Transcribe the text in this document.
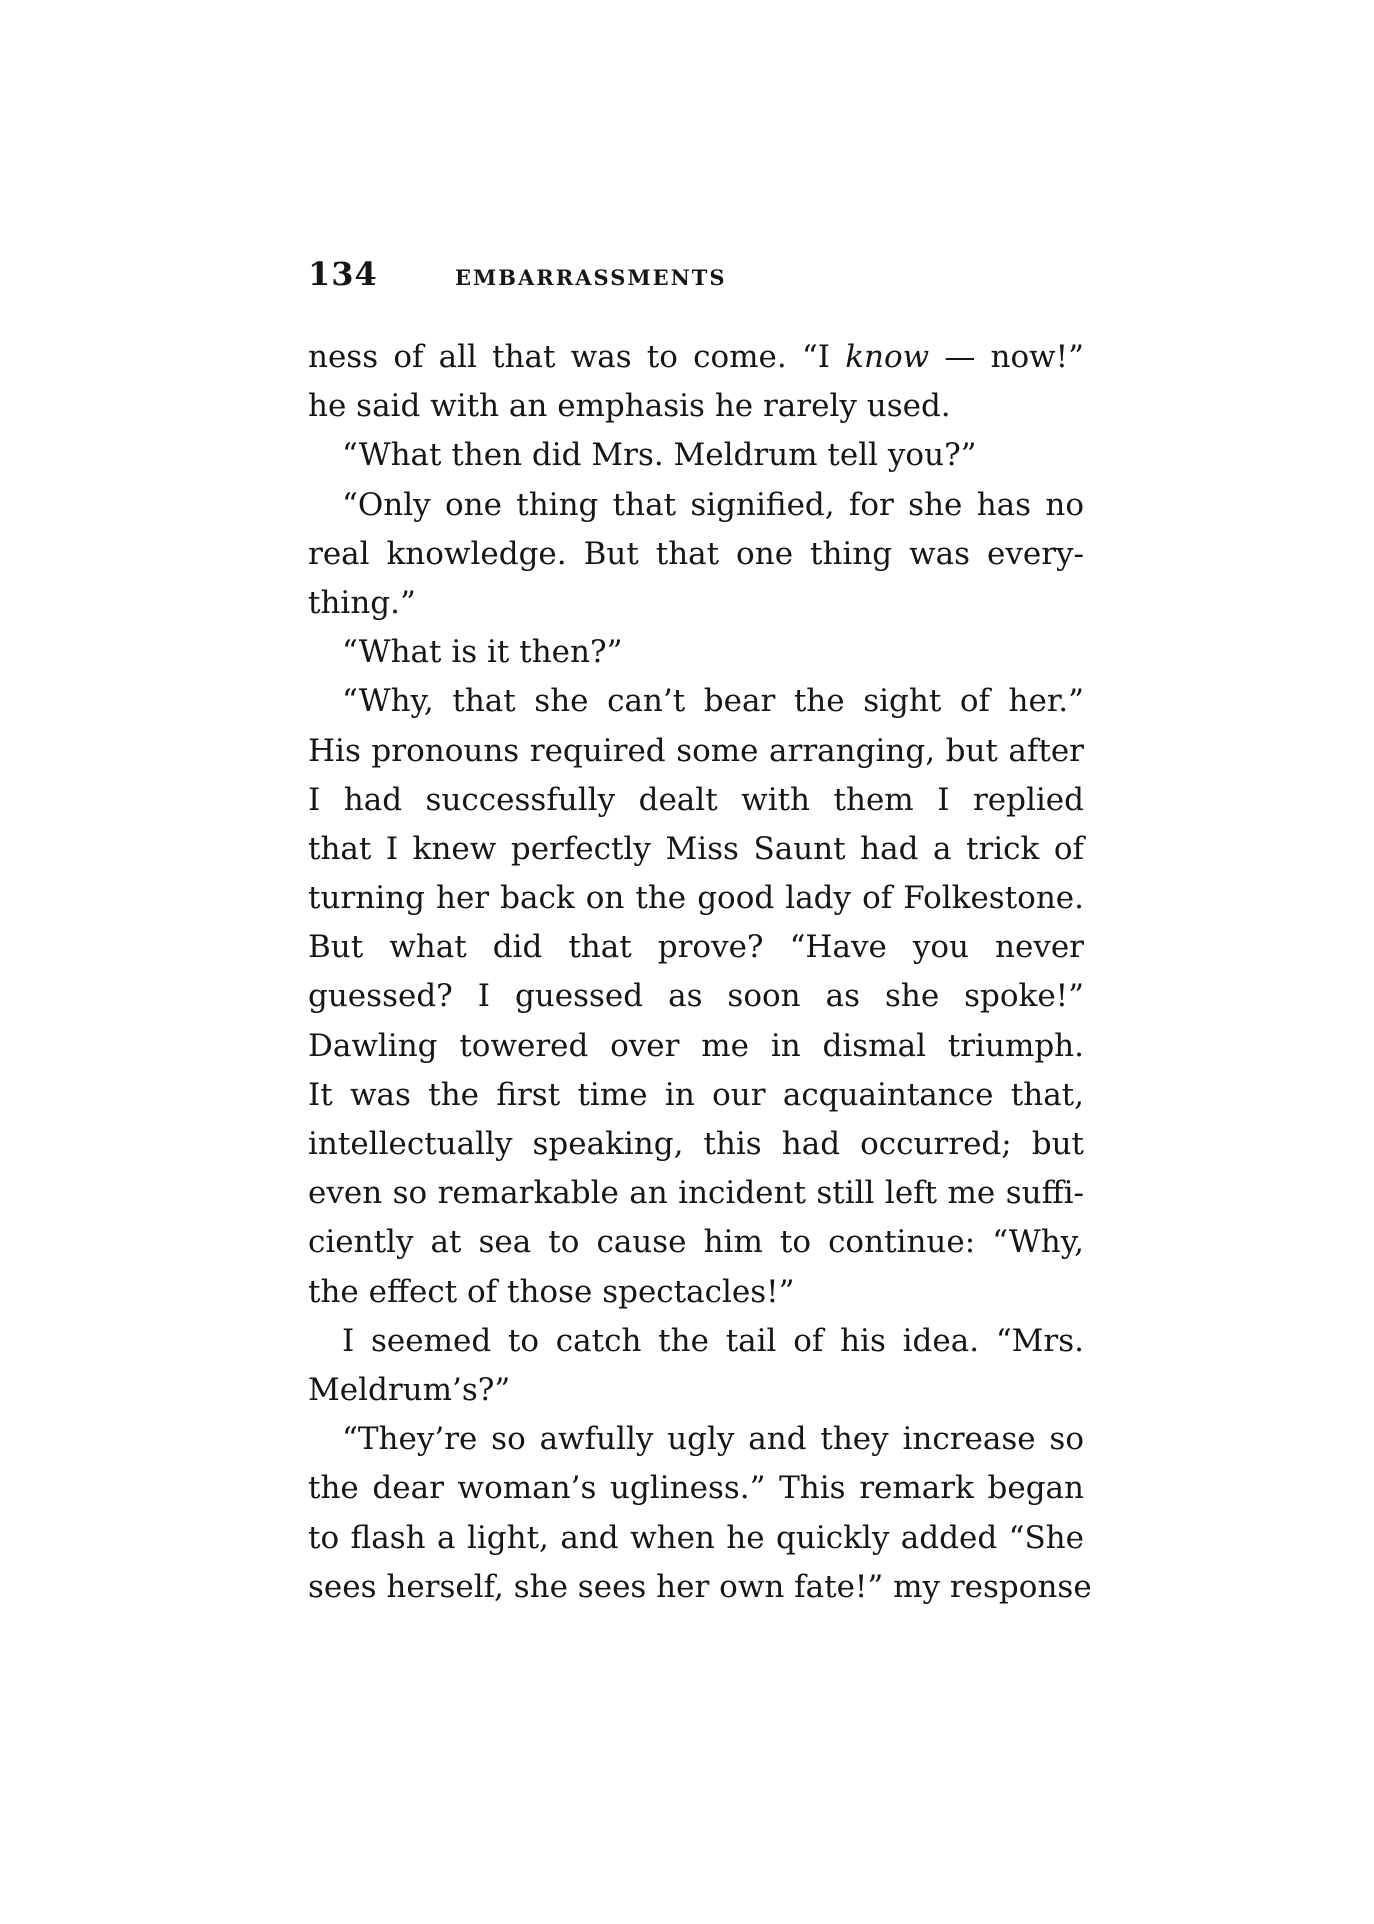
134	EMBARRASSMENTS
ness of all that was to come. “I know — now!”
he said with an emphasis he rarely used.
“What then did Mrs. Meldrum tell you?”
“Only one thing that signified, for she has no
real knowledge. But that one thing was every-
thing.”
“What is it then?”
“Why, that she can’t bear the sight of her.”
His pronouns required some arranging, but after
I had successfully dealt with them I replied
that I knew perfectly Miss Saunt had a trick of
turning her back on the good lady of Folkestone.
But what did that prove? “Have you never
guessed? I guessed as soon as she spoke!”
Dawling towered over me in dismal triumph.
It was the first time in our acquaintance that,
intellectually speaking, this had occurred; but
even so remarkable an incident still left me suffi-
ciently at sea to cause him to continue: “Why,
the effect of those spectacles!”
I seemed to catch the tail of his idea. “Mrs.
Meldrum’s?”
“They’re so awfully ugly and they increase so
the dear woman’s ugliness.” This remark began
to flash a light, and when he quickly added “She
sees herself, she sees her own fate!” my response
